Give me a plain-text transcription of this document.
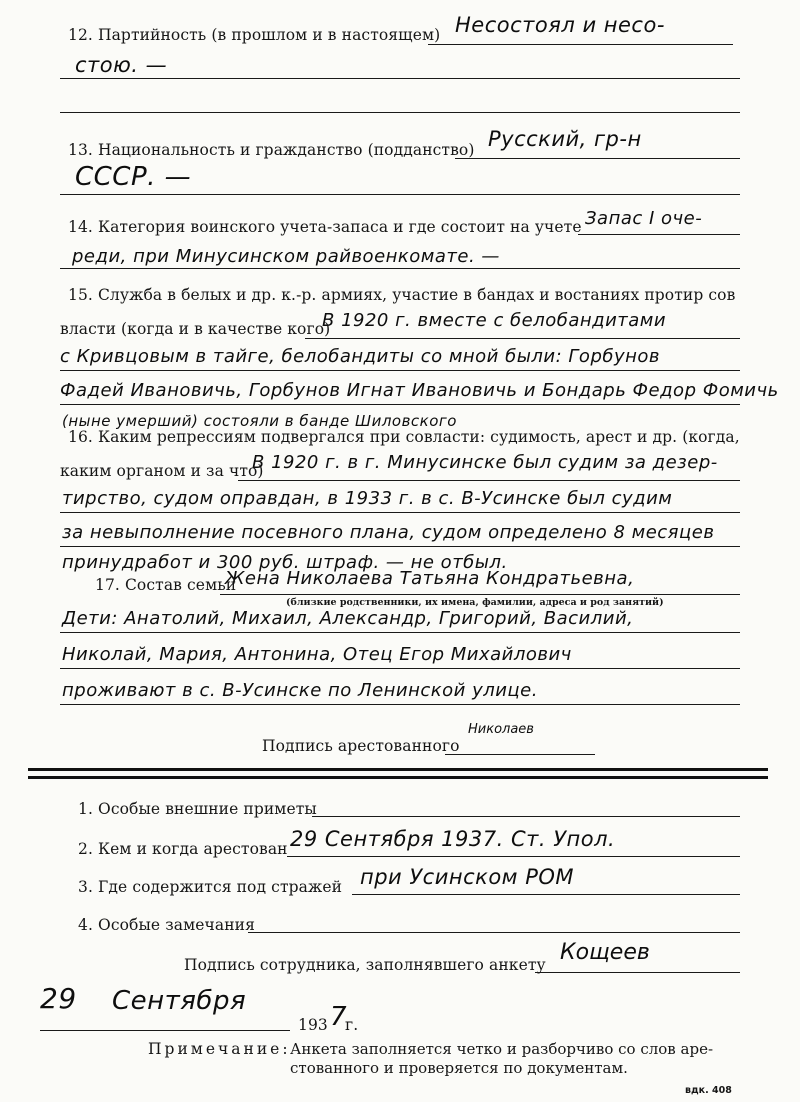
12. Партийность (в прошлом и в настоящем) Несостоял и несо-
стою. —
13. Национальность и гражданство (подданство) Русский, гр-н
СССР. —
14. Категория воинского учета-запаса и где состоит на учете Запас I оче-
реди, при Минусинском райвоенкомате. —
15. Служба в белых и др. к.-р. армиях, участие в бандах и востаниях протир сов
власти (когда и в качестве кого)
В 1920 г. вместе с белобандитами
с Кривцовым в тайге, белобандиты со мной были: Горбунов
Фадей Ивановичь, Горбунов Игнат Ивановичь и Бондарь Федор Фомичь
(ныне умерший) состояли в банде Шиловского
16. Каким репрессиям подвергался при совласти: судимость, арест и др. (когда,
каким органом и за что)
В 1920 г. в г. Минусинске был судим за дезер-
тирство, судом оправдан, в 1933 г. в с. В-Усинске был судим
за невыполнение посевного плана, судом определено 8 месяцев
принудработ и 300 руб. штраф. — не отбыл.
17. Состав семьи
Жена Николаева Татьяна Кондратьевна,
(близкие родственники, их имена, фамилии, адреса и род занятий)
Дети: Анатолий, Михаил, Александр, Григорий, Василий,
Николай, Мария, Антонина, Отец Егор Михайлович
проживают в с. В-Усинске по Ленинской улице.
Подпись арестованного
Николаев
1. Особые внешние приметы
2. Кем и когда арестован 29 Сентября 1937. Ст. Упол.
3. Где содержится под стражей при Усинском РОМ
4. Особые замечания
Подпись сотрудника, заполнявшего анкету Кощеев
29 Сентября
193 7
г.
Примечание: Анкета заполняется четко и разборчиво со слов аре-
стованного и проверяется по документам.
вдк. 408
